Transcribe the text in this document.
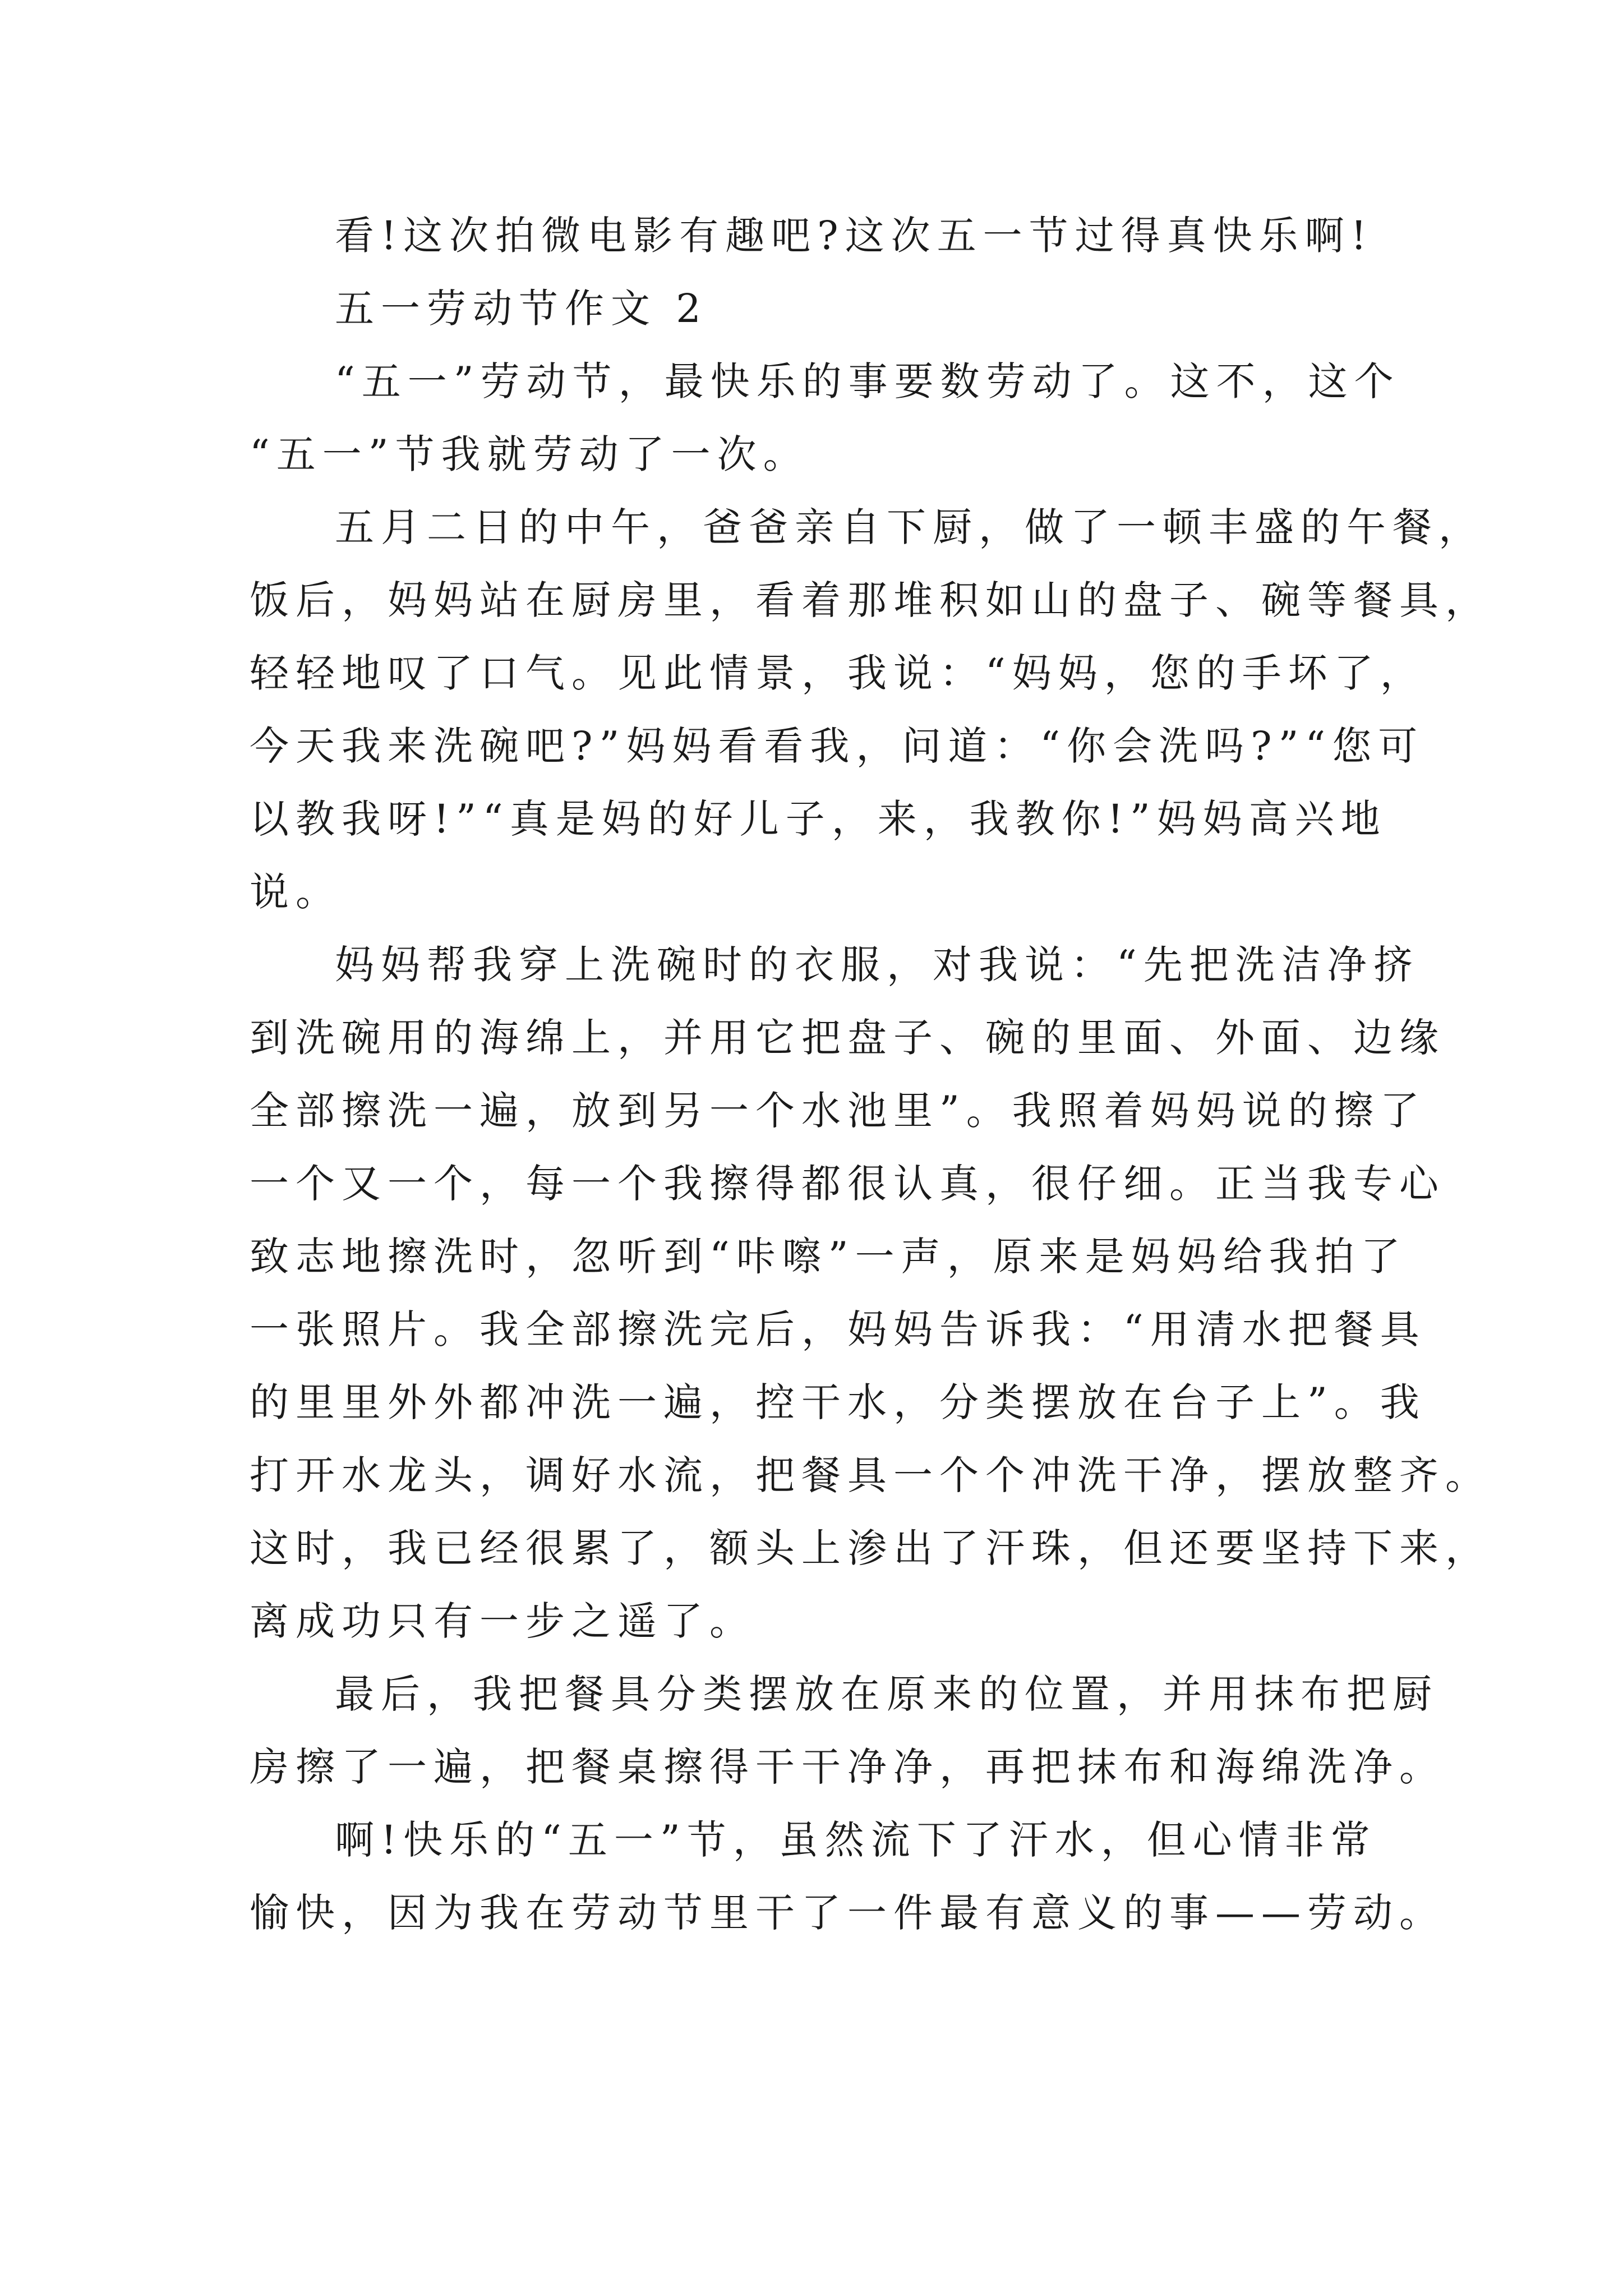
看!这次拍微电影有趣吧?这次五一节过得真快乐啊!
五一劳动节作文 2
“五一”劳动节，最快乐的事要数劳动了。这不，这个
“五一”节我就劳动了一次。
五月二日的中午，爸爸亲自下厨，做了一顿丰盛的午餐，
饭后，妈妈站在厨房里，看着那堆积如山的盘子、碗等餐具，
轻轻地叹了口气。见此情景，我说：“妈妈，您的手坏了，
今天我来洗碗吧?”妈妈看看我，问道：“你会洗吗?”“您可
以教我呀!”“真是妈的好儿子，来，我教你!”妈妈高兴地
说。
妈妈帮我穿上洗碗时的衣服，对我说：“先把洗洁净挤
到洗碗用的海绵上，并用它把盘子、碗的里面、外面、边缘
全部擦洗一遍，放到另一个水池里”。我照着妈妈说的擦了
一个又一个，每一个我擦得都很认真，很仔细。正当我专心
致志地擦洗时，忽听到“咔嚓”一声，原来是妈妈给我拍了
一张照片。我全部擦洗完后，妈妈告诉我：“用清水把餐具
的里里外外都冲洗一遍，控干水，分类摆放在台子上”。我
打开水龙头，调好水流，把餐具一个个冲洗干净，摆放整齐。
这时，我已经很累了，额头上渗出了汗珠，但还要坚持下来，
离成功只有一步之遥了。
最后，我把餐具分类摆放在原来的位置，并用抹布把厨
房擦了一遍，把餐桌擦得干干净净，再把抹布和海绵洗净。
啊!快乐的“五一”节，虽然流下了汗水，但心情非常
愉快，因为我在劳动节里干了一件最有意义的事——劳动。
